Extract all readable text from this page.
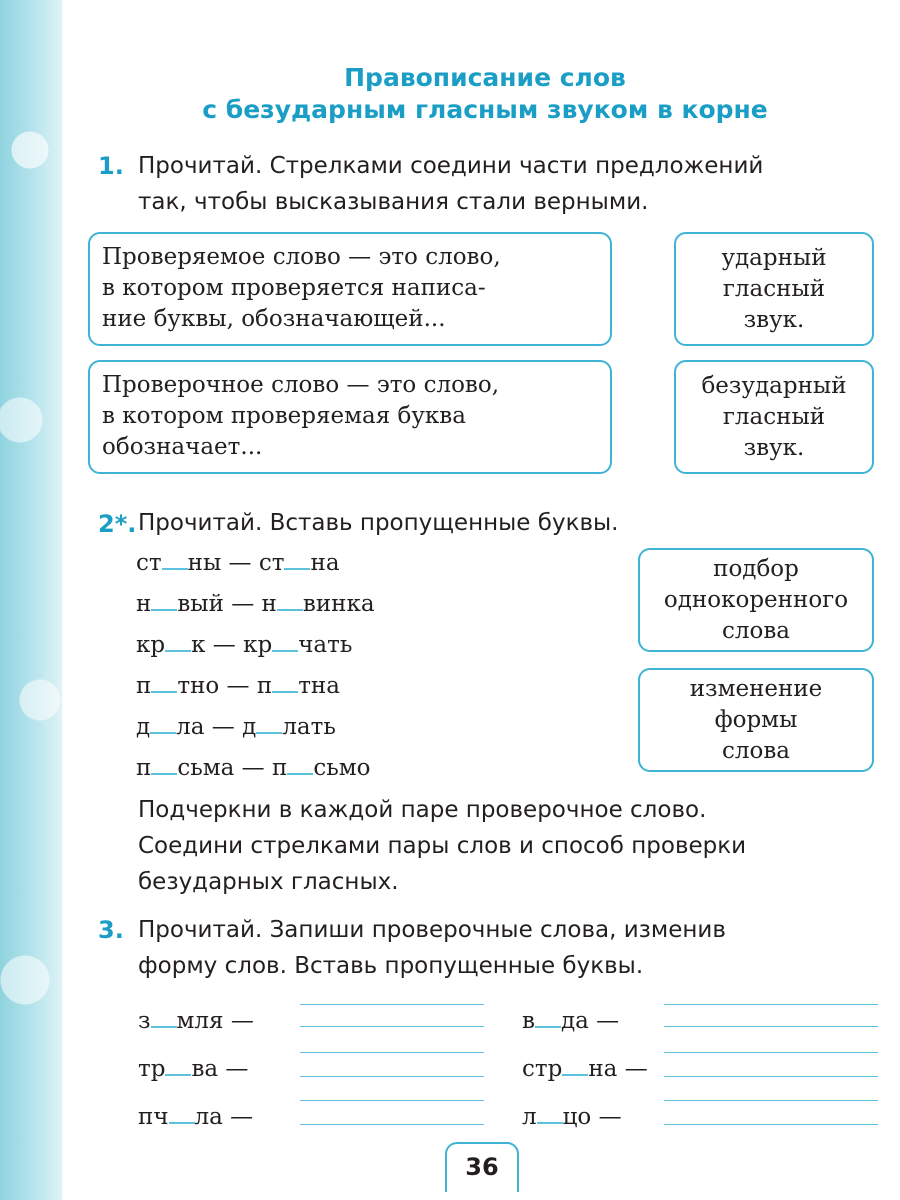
Правописание слов
с безударным гласным звуком в корне
1. Прочитай. Стрелками соедини части предложений
так, чтобы высказывания стали верными.
Проверяемое слово — это слово,
в котором проверяется написа-
ние буквы, обозначающей...
Проверочное слово — это слово,
в котором проверяемая буква
обозначает...
ударный
гласный
звук.
безударный
гласный
звук.
2*. Прочитай. Вставь пропущенные буквы.
ст ны — ст на
н вый — н винка
кр к — кр чать
п тно — п тна
д ла — д лать
п сьма — п сьмо
подбор
однокоренного
слова
изменение
формы
слова
Подчеркни в каждой паре проверочное слово.
Соедини стрелками пары слов и способ проверки
безударных гласных.
3. Прочитай. Запиши проверочные слова, изменив
форму слов. Вставь пропущенные буквы.
з мля —
тр ва —
пч ла —
в да —
стр на —
л цо —
36
